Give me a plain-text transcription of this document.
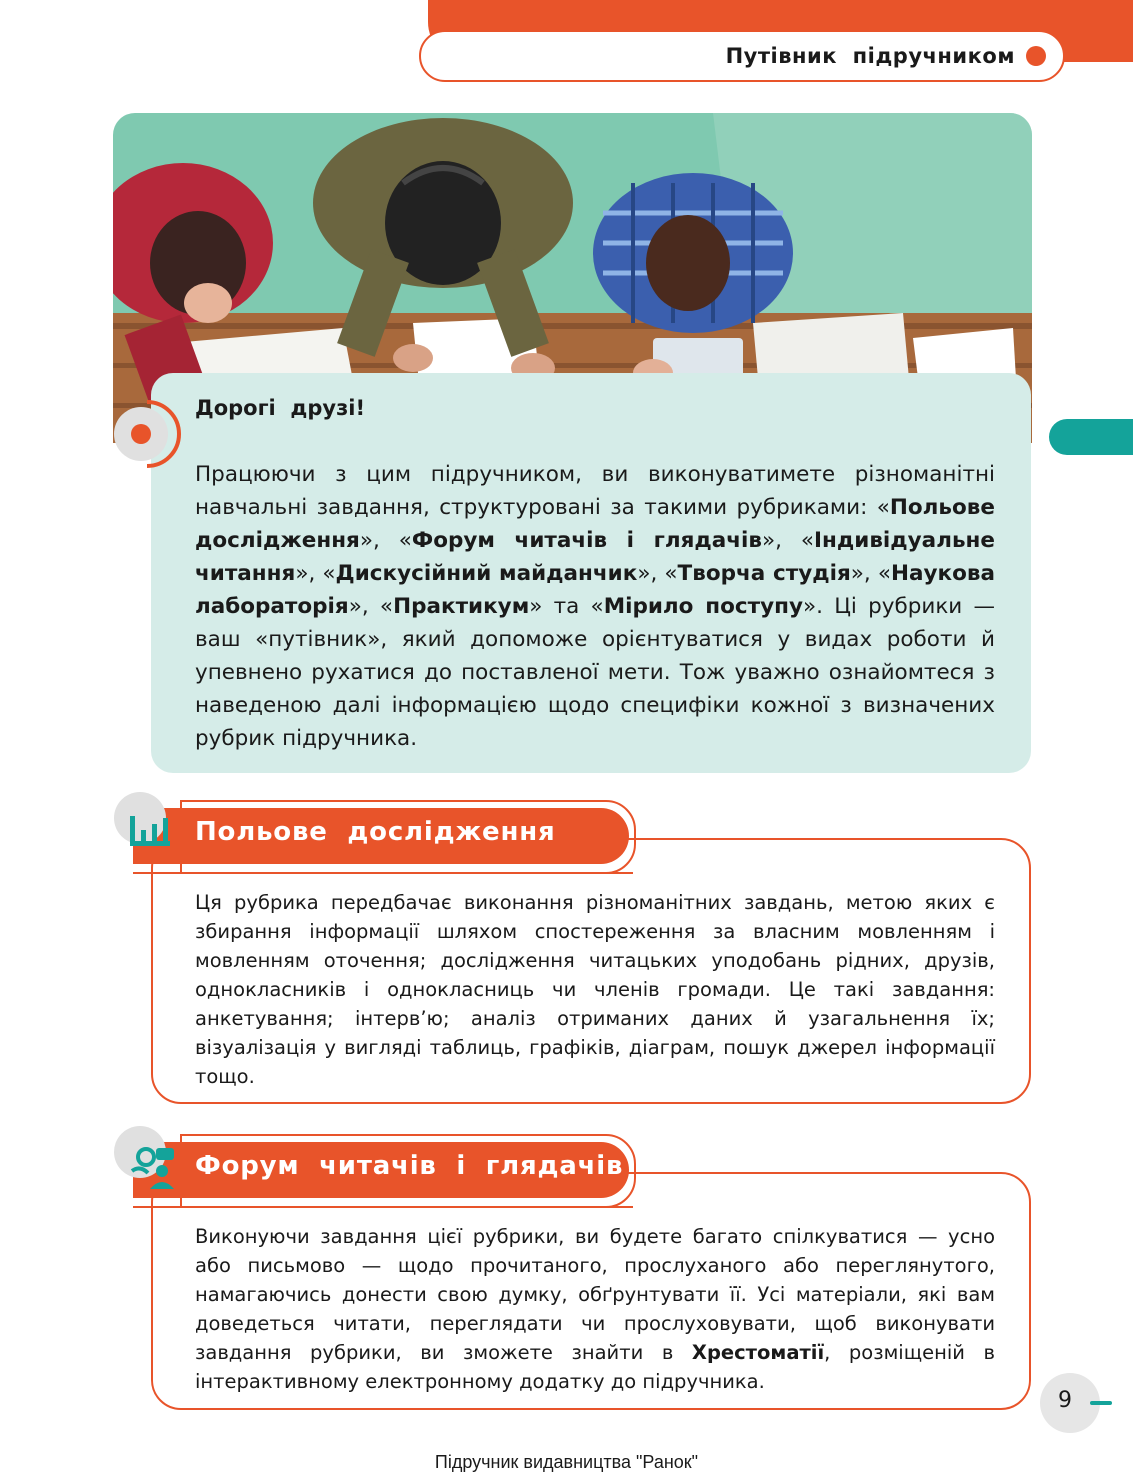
Путівник  підручником
Дорогі  друзі!
Працюючи з цим підручником, ви виконуватимете різноманітні навчальні завдання, структуровані за такими рубриками: «Польове дослідження», «Форум читачів і глядачів», «Індивідуальне читання», «Дискусійний майданчик», «Творча студія», «Наукова лабораторія», «Практикум» та «Мірило поступу». Ці рубрики — ваш «путівник», який допоможе орієнтуватися у видах роботи й упевнено рухатися до поставленої мети. Тож уважно ознайомтеся з наведеною далі інформацією щодо специфіки кожної з визначених рубрик підручника.
Польове  дослідження
Ця рубрика передбачає виконання різноманітних завдань, метою яких є збирання інформації шляхом спостереження за власним мовленням і мовленням оточення; дослідження читацьких уподобань рідних, друзів, однокласників і однокласниць чи членів громади. Це такі завдання: анкетування; інтерв’ю; аналіз отриманих даних й узагальнення їх; візуалізація у вигляді таблиць, графіків, діаграм, пошук джерел інформації тощо.
Форум  читачів  і  глядачів
Виконуючи завдання цієї рубрики, ви будете багато спілкуватися — усно або письмово — щодо прочитаного, прослуханого або переглянутого, намагаючись донести свою думку, обґрунтувати її. Усі матеріали, які вам доведеться читати, переглядати чи прослуховувати, щоб виконувати завдання рубрики, ви зможете знайти в Хрестоматії, розміщеній в інтерактивному електронному додатку до підручника.
9
Підручник видавництва "Ранок"
